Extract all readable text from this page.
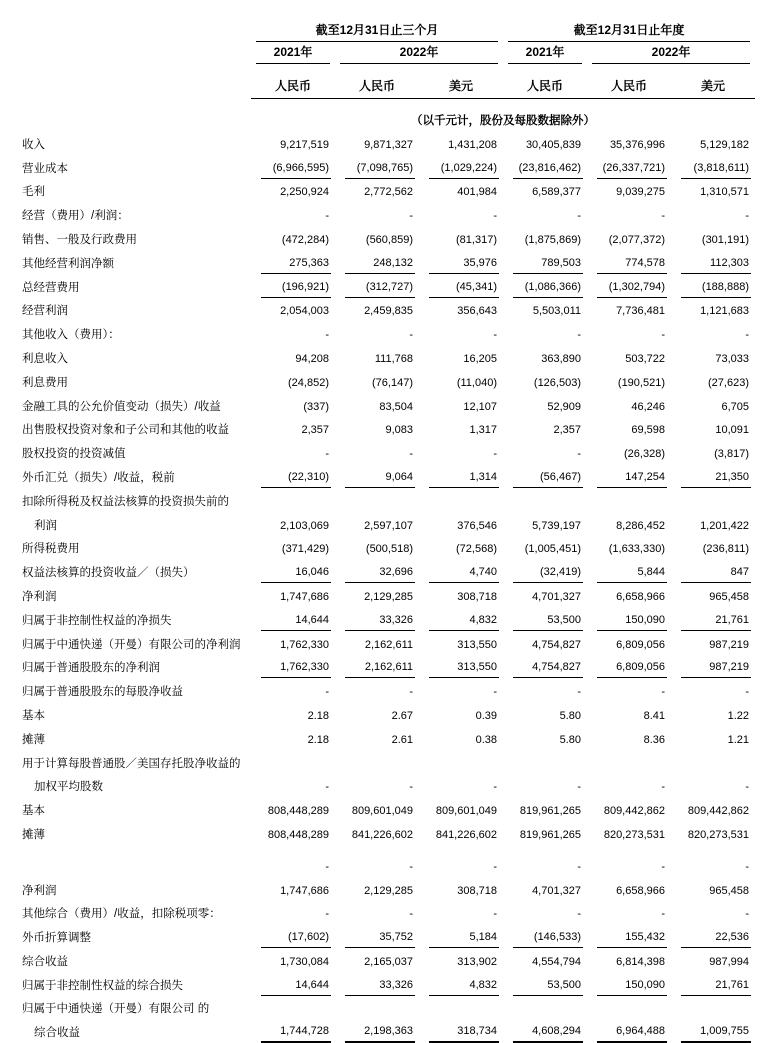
	截至12月31日止三个月			截至12月31日止年度		

	2021年	2022年		2021年	2022年	

	人民币	人民币	美元	人民币	人民币	美元
	（以千元计，股份及每股数据除外）					
收入	9,217,519	9,871,327	1,431,208	30,405,839	35,376,996	5,129,182

营业成本	(6,966,595)	(7,098,765)	(1,029,224)	(23,816,462)	(26,337,721)	(3,818,611)

毛利	2,250,924	2,772,562	401,984	6,589,377	9,039,275	1,310,571

经营（费用）/利润：	-	-	-	-	-	-

销售、一般及行政费用	(472,284)	(560,859)	(81,317)	(1,875,869)	(2,077,372)	(301,191)

其他经营利润净额	275,363	248,132	35,976	789,503	774,578	112,303

总经营费用	(196,921)	(312,727)	(45,341)	(1,086,366)	(1,302,794)	(188,888)

经营利润	2,054,003	2,459,835	356,643	5,503,011	7,736,481	1,121,683

其他收入（费用）：	-	-	-	-	-	-

利息收入	94,208	111,768	16,205	363,890	503,722	73,033

利息费用	(24,852)	(76,147)	(11,040)	(126,503)	(190,521)	(27,623)

金融工具的公允价值变动（损失）/收益	(337)	83,504	12,107	52,909	46,246	6,705

出售股权投资对象和子公司和其他的收益	2,357	9,083	1,317	2,357	69,598	10,091

股权投资的投资减值	-	-	-	-	(26,328)	(3,817)

外币汇兑（损失）/收益，税前	(22,310)	9,064	1,314	(56,467)	147,254	21,350

扣除所得税及权益法核算的投资损失前的	

利润	2,103,069	2,597,107	376,546	5,739,197	8,286,452	1,201,422

所得税费用	(371,429)	(500,518)	(72,568)	(1,005,451)	(1,633,330)	(236,811)

权益法核算的投资收益／（损失）	16,046	32,696	4,740	(32,419)	5,844	847

净利润	1,747,686	2,129,285	308,718	4,701,327	6,658,966	965,458

归属于非控制性权益的净损失	14,644	33,326	4,832	53,500	150,090	21,761

归属于中通快递（开曼）有限公司的净利润	1,762,330	2,162,611	313,550	4,754,827	6,809,056	987,219

归属于普通股股东的净利润	1,762,330	2,162,611	313,550	4,754,827	6,809,056	987,219

归属于普通股股东的每股净收益	-	-	-	-	-	-

基本	2.18	2.67	0.39	5.80	8.41	1.22

摊薄	2.18	2.61	0.38	5.80	8.36	1.21

用于计算每股普通股／美国存托股净收益的	

加权平均股数	-	-	-	-	-	-

基本	808,448,289	809,601,049	809,601,049	819,961,265	809,442,862	809,442,862

摊薄	808,448,289	841,226,602	841,226,602	819,961,265	820,273,531	820,273,531

	-	-	-	-	-	-

净利润	1,747,686	2,129,285	308,718	4,701,327	6,658,966	965,458

其他综合（费用）/收益，扣除税项零：	-	-	-	-	-	-

外币折算调整	(17,602)	35,752	5,184	(146,533)	155,432	22,536

综合收益	1,730,084	2,165,037	313,902	4,554,794	6,814,398	987,994

归属于非控制性权益的综合损失	14,644	33,326	4,832	53,500	150,090	21,761

归属于中通快递（开曼）有限公司 的	

综合收益	1,744,728	2,198,363	318,734	4,608,294	6,964,488	1,009,755
